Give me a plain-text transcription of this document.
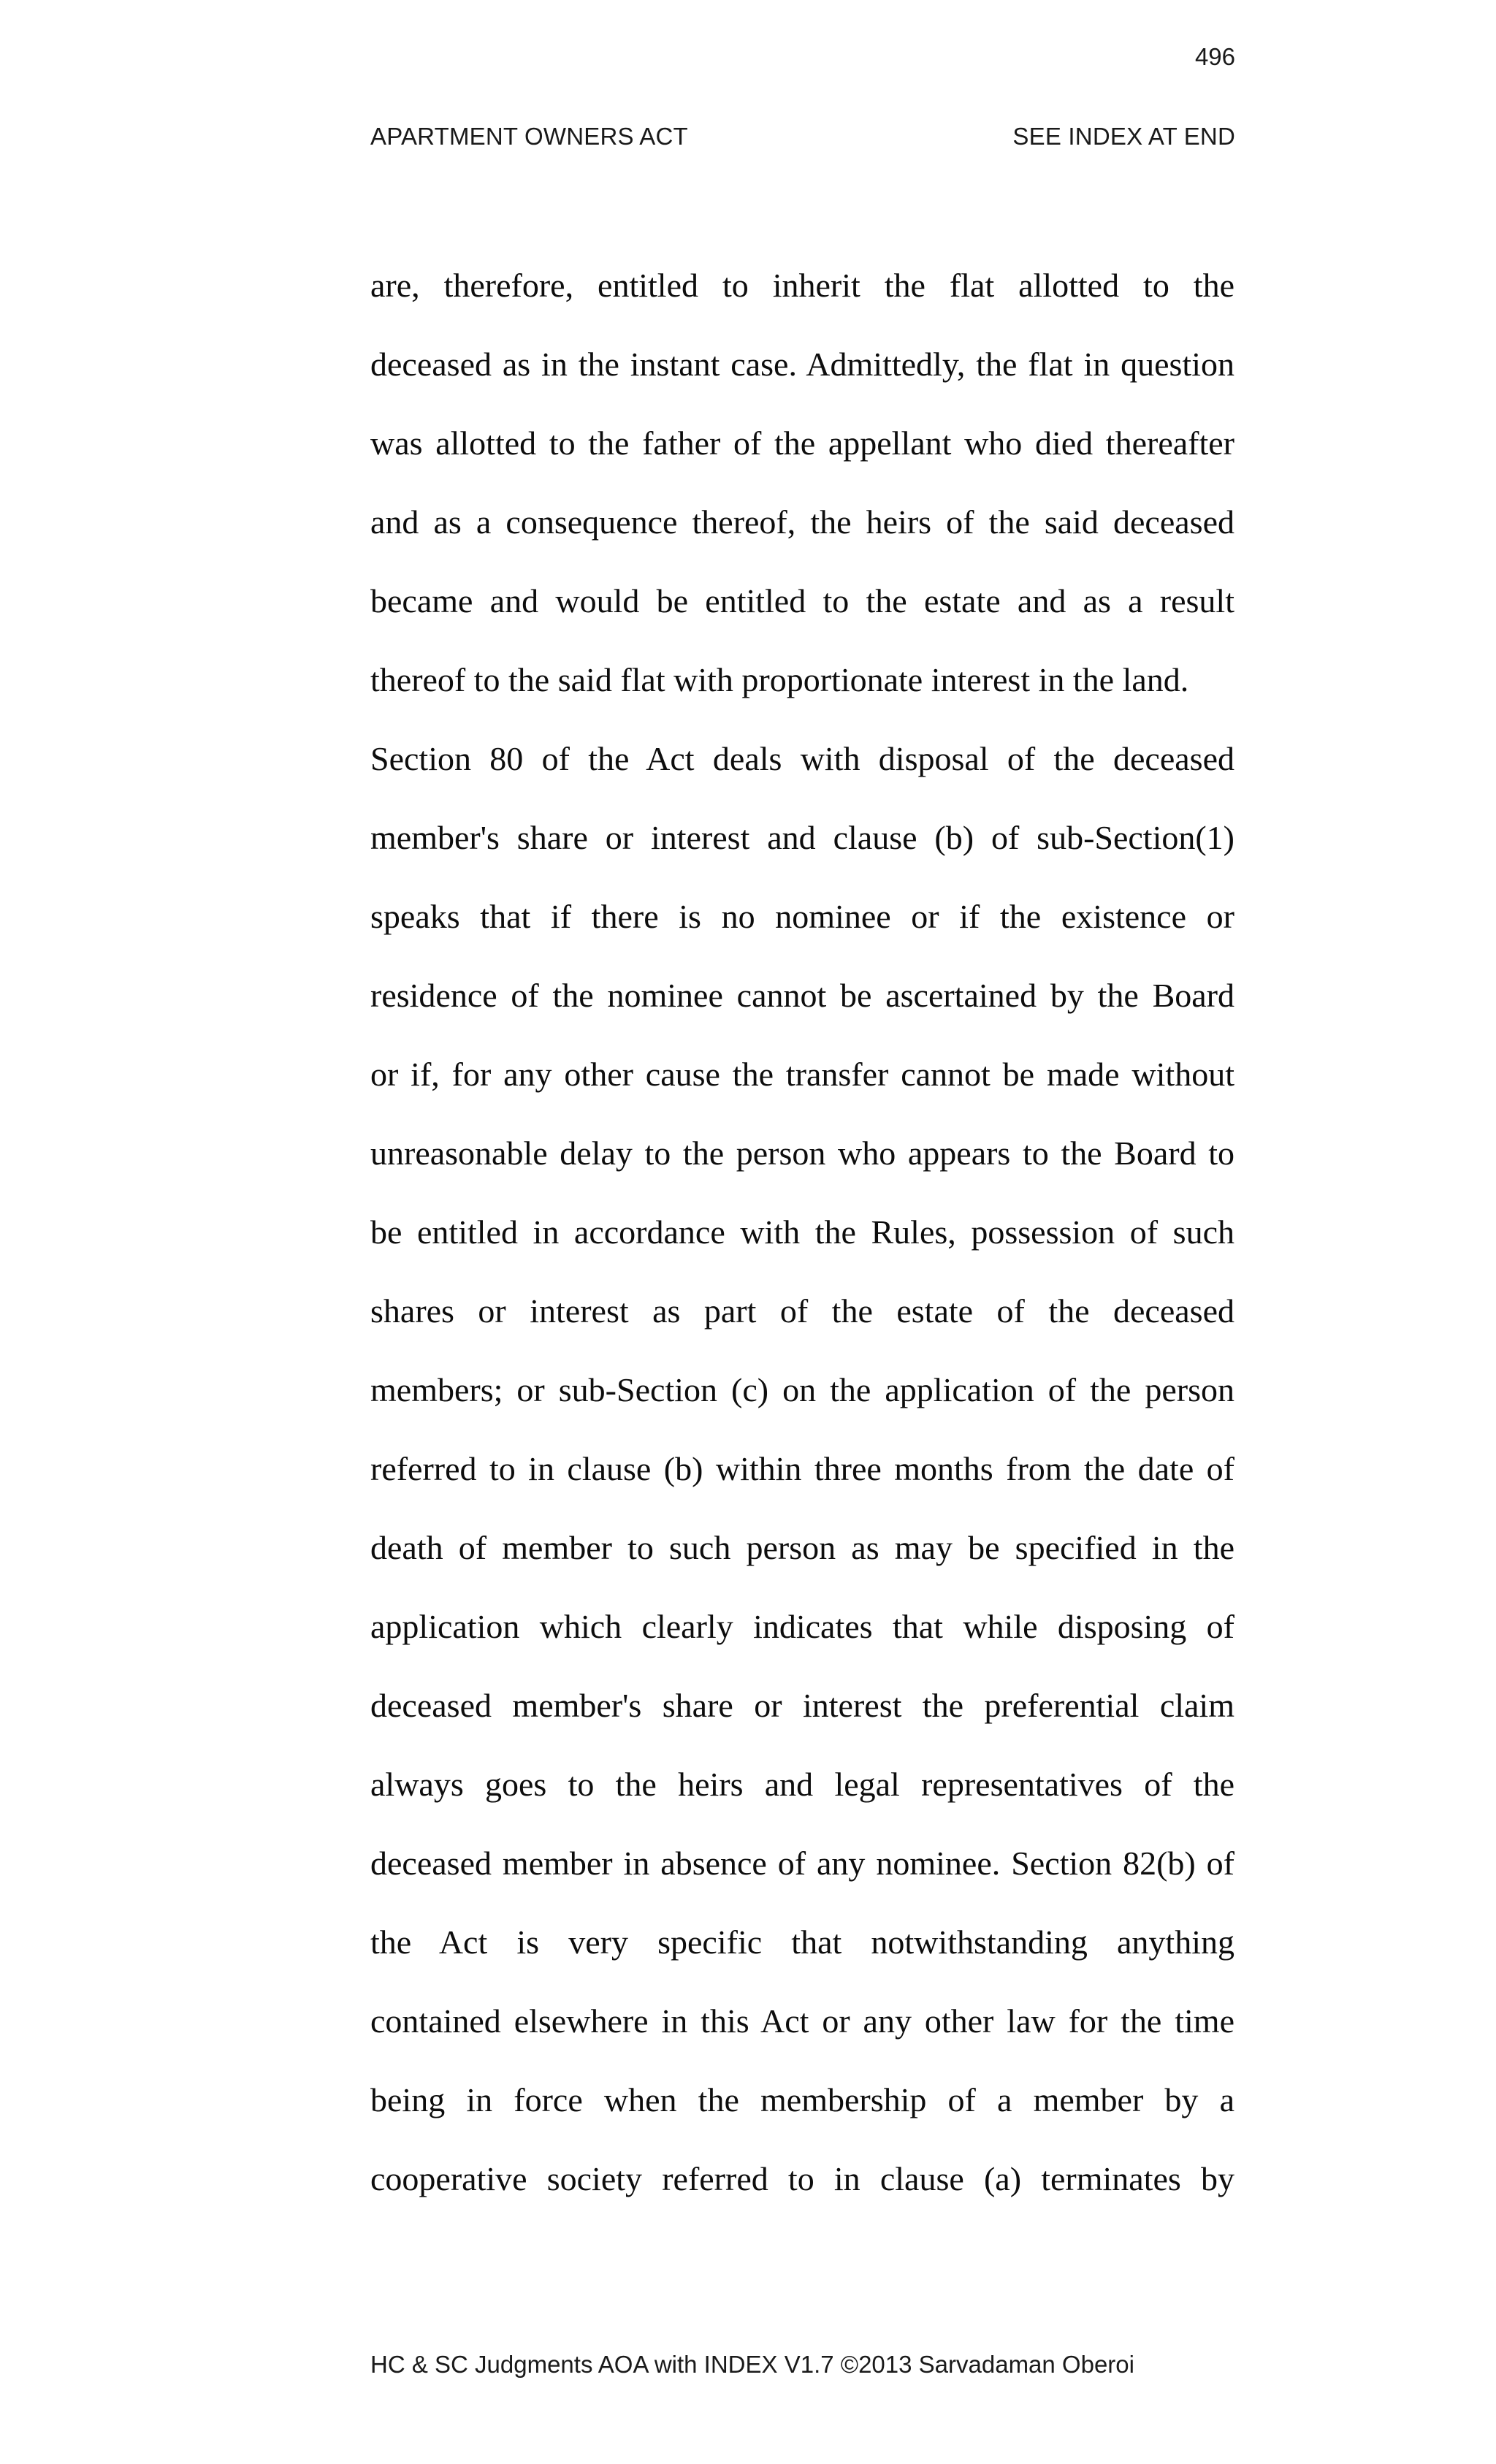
496
APARTMENT OWNERS ACT	SEE INDEX AT END
are, therefore, entitled to inherit the flat allotted to the
deceased as in the instant case. Admittedly, the flat in question
was allotted to the father of the appellant who died thereafter
and as a consequence thereof, the heirs of the said deceased
became and would be entitled to the estate and as a result
thereof to the said flat with proportionate interest in the land.
Section 80 of the Act deals with disposal of the deceased
member's share or interest and clause (b) of sub-Section(1)
speaks that if there is no nominee or if the existence or
residence of the nominee cannot be ascertained by the Board
or if, for any other cause the transfer cannot be made without
unreasonable delay to the person who appears to the Board to
be entitled in accordance with the Rules, possession of such
shares or interest as part of the estate of the deceased
members; or sub-Section (c) on the application of the person
referred to in clause (b) within three months from the date of
death of member to such person as may be specified in the
application which clearly indicates that while disposing of
deceased member's share or interest the preferential claim
always goes to the heirs and legal representatives of the
deceased member in absence of any nominee. Section 82(b) of
the Act is very specific that notwithstanding anything
contained elsewhere in this Act or any other law for the time
being in force when the membership of a member by a
cooperative society referred to in clause (a) terminates by
HC & SC Judgments AOA with INDEX V1.7 ©2013 Sarvadaman Oberoi
